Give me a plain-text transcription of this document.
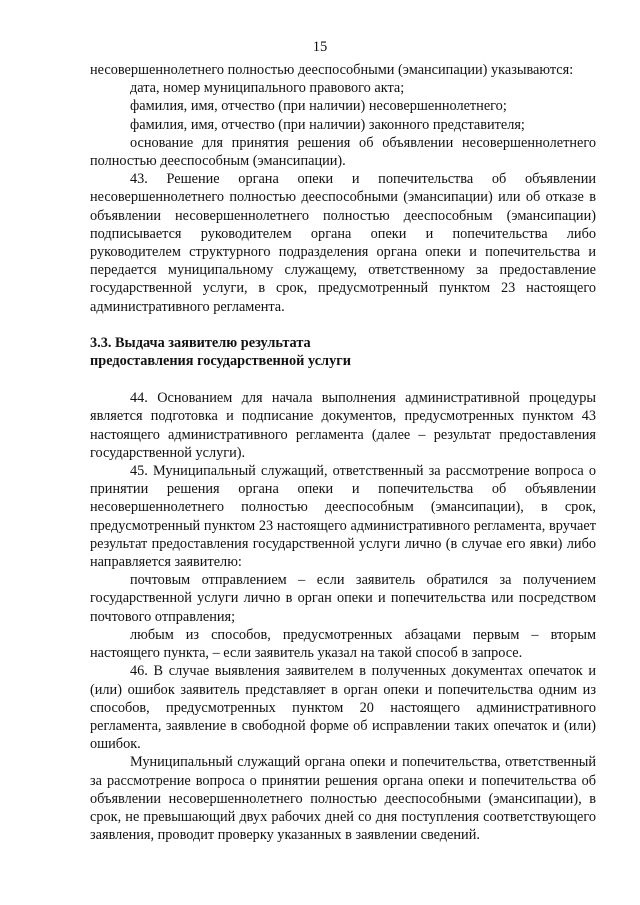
15

несовершеннолетнего полностью дееспособными (эмансипации) указываются:

дата, номер муниципального правового акта;

фамилия, имя, отчество (при наличии) несовершеннолетнего;

фамилия, имя, отчество (при наличии) законного представителя;

основание для принятия решения об объявлении несовершеннолетнего полностью дееспособным (эмансипации).

43. Решение органа опеки и попечительства об объявлении несовершеннолетнего полностью дееспособными (эмансипации) или об отказе в объявлении несовершеннолетнего полностью дееспособным (эмансипации) подписывается руководителем органа опеки и попечительства либо руководителем структурного подразделения органа опеки и попечительства и передается муниципальному служащему, ответственному за предоставление государственной услуги, в срок, предусмотренный пунктом 23 настоящего административного регламента.

3.3. Выдача заявителю результата

предоставления государственной услуги

44. Основанием для начала выполнения административной процедуры является подготовка и подписание документов, предусмотренных пунктом 43 настоящего административного регламента (далее – результат предоставления государственной услуги).

45. Муниципальный служащий, ответственный за рассмотрение вопроса о принятии решения органа опеки и попечительства об объявлении несовершеннолетнего полностью дееспособным (эмансипации), в срок, предусмотренный пунктом 23 настоящего административного регламента, вручает результат предоставления государственной услуги лично (в случае его явки) либо направляется заявителю:

почтовым отправлением – если заявитель обратился за получением государственной услуги лично в орган опеки и попечительства или посредством почтового отправления;

любым из способов, предусмотренных абзацами первым – вторым настоящего пункта, – если заявитель указал на такой способ в запросе.

46. В случае выявления заявителем в полученных документах опечаток и (или) ошибок заявитель представляет в орган опеки и попечительства одним из способов, предусмотренных пунктом 20 настоящего административного регламента, заявление в свободной форме об исправлении таких опечаток и (или) ошибок.

Муниципальный служащий органа опеки и попечительства, ответственный за рассмотрение вопроса о принятии решения органа опеки и попечительства об объявлении несовершеннолетнего полностью дееспособными (эмансипации), в срок, не превышающий двух рабочих дней со дня поступления соответствующего заявления, проводит проверку указанных в заявлении сведений.
